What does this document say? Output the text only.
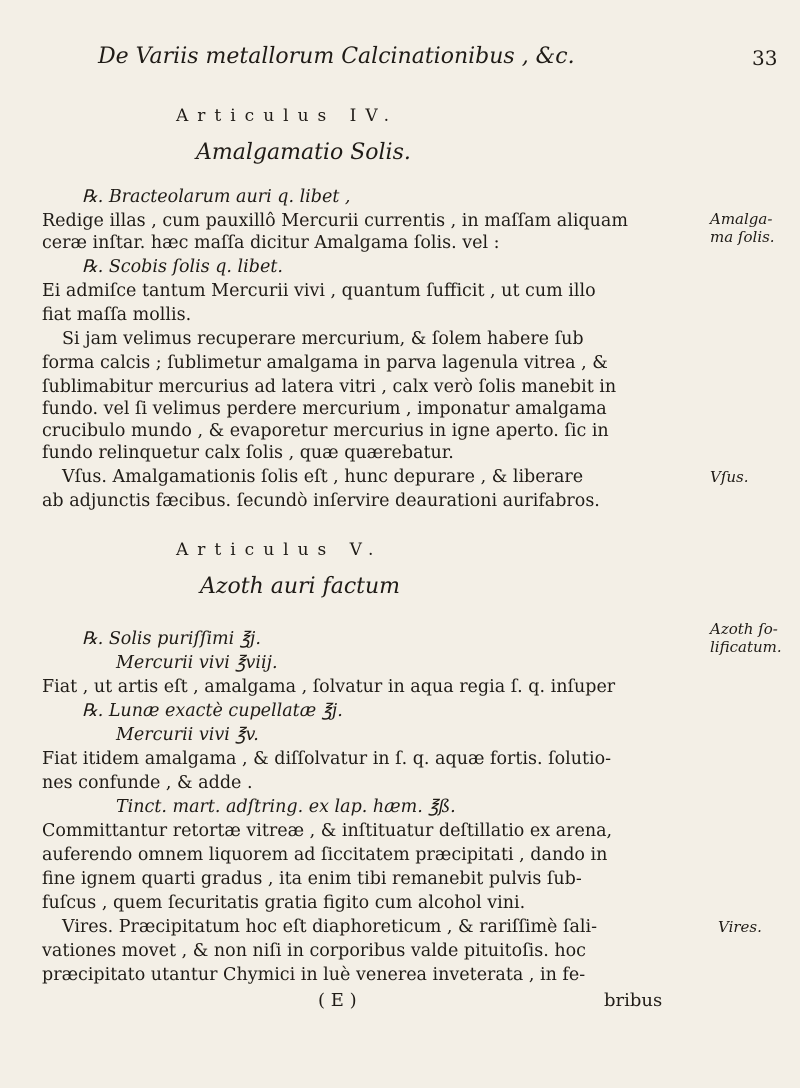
De Variis metallorum Calcinationibus , &c.	33
Articulus IV.
Amalgamatio Solis.
℞. Bracteolarum auri q. libet ,
Redige illas , cum pauxillô Mercurii currentis , in maſſam aliquam
ceræ inſtar. hæc maſſa dicitur Amalgama ſolis. vel :
℞. Scobis ſolis q. libet.
Ei admiſce tantum Mercurii vivi , quantum ſufficit , ut cum illo
fiat maſſa mollis.
Si jam velimus recuperare mercurium, & ſolem habere ſub
forma calcis ; ſublimetur amalgama in parva lagenula vitrea , &
ſublimabitur mercurius ad latera vitri , calx verò ſolis manebit in
fundo. vel ſi velimus perdere mercurium , imponatur amalgama
crucibulo mundo , & evaporetur mercurius in igne aperto. ſic in
fundo relinquetur calx ſolis , quæ quærebatur.
Vſus. Amalgamationis ſolis eſt , hunc depurare , & liberare
ab adjunctis fæcibus. ſecundò inſervire deaurationi aurifabros.
Amalga-
ma ſolis.
Vſus.
Articulus V.
Azoth auri factum
℞. Solis puriſſimi ℥j.
Mercurii vivi ℥viij.
Fiat , ut artis eſt , amalgama , ſolvatur in aqua regia ſ. q. inſuper
℞. Lunæ exactè cupellatæ ℥j.
Mercurii vivi ℥v.
Fiat itidem amalgama , & diſſolvatur in ſ. q. aquæ fortis. ſolutio-
nes confunde , & adde .
Tinct. mart. adſtring. ex lap. hæm. ℥ß.
Committantur retortæ vitreæ , & inſtituatur deſtillatio ex arena,
auferendo omnem liquorem ad ſiccitatem præcipitati , dando in
fine ignem quarti gradus , ita enim tibi remanebit pulvis ſub-
fuſcus , quem ſecuritatis gratia figito cum alcohol vini.
Vires. Præcipitatum hoc eſt diaphoreticum , & rariſſimè ſali-
vationes movet , & non niſi in corporibus valde pituitoſis. hoc
præcipitato utantur Chymici in luè venerea inveterata , in fe-
Azoth ſo-
lificatum.
Vires.
( E )	bribus
